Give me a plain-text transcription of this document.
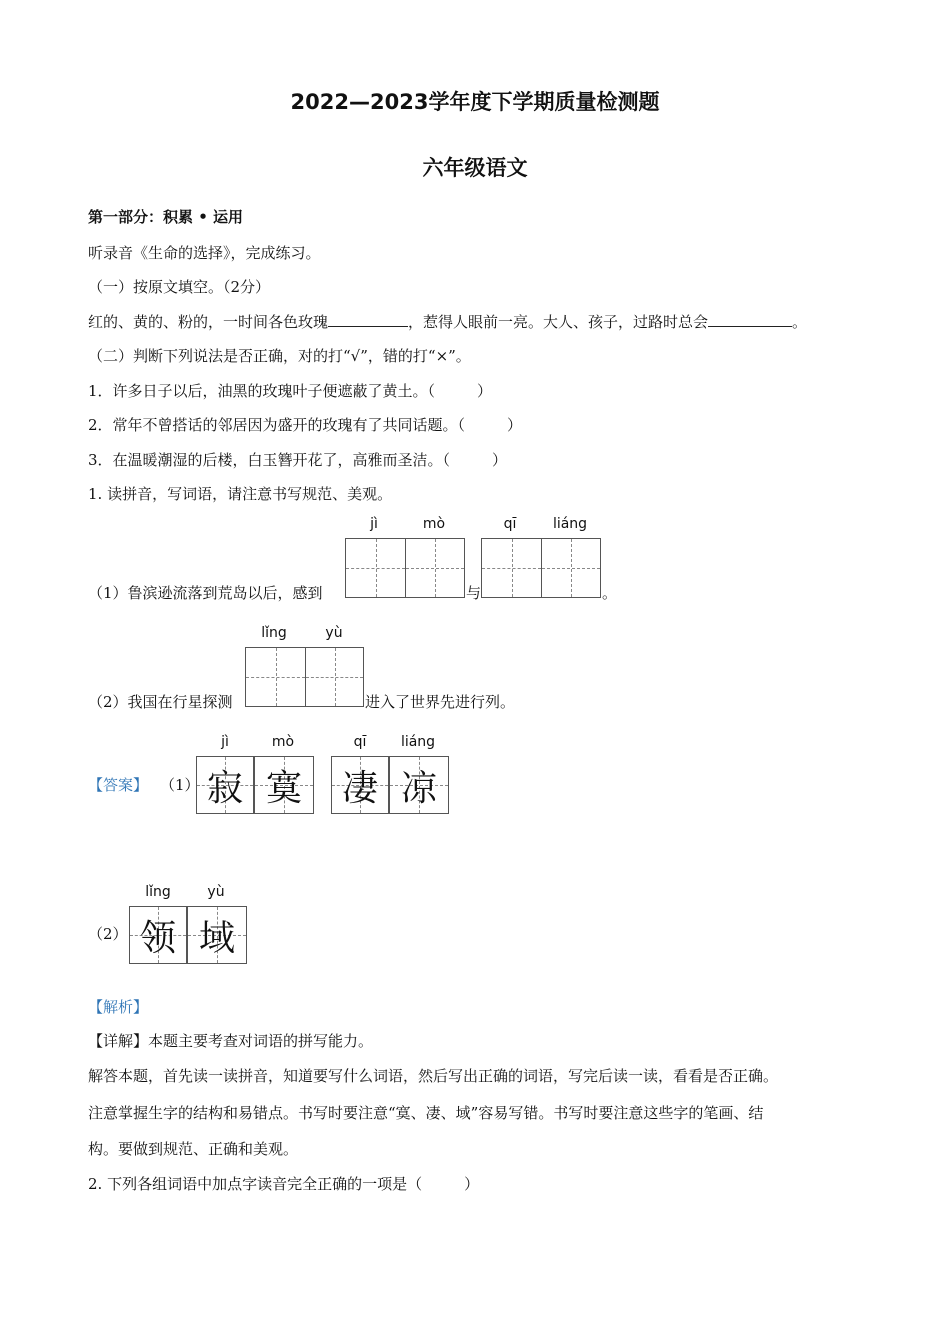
2022—2023学年度下学期质量检测题
六年级语文
第一部分：积累 • 运用
听录音《生命的选择》，完成练习。
（一）按原文填空。（2分）
红的、黄的、粉的，一时间各色玫瑰	，惹得人眼前一亮。大人、孩子，过路时总会	。
（二）判断下列说法是否正确，对的打“√”，错的打“×”。
1．许多日子以后，油黑的玫瑰叶子便遮蔽了黄土。（	）
2．常年不曾搭话的邻居因为盛开的玫瑰有了共同话题。（	）
3．在温暖潮湿的后楼，白玉簪开花了，高雅而圣洁。（	）
1. 读拼音，写词语，请注意书写规范、美观。
jì	mò	qī	liáng
（1）鲁滨逊流落到荒岛以后，感到	与	。
lǐng	yù
（2）我国在行星探测	进入了世界先进行列。
【答案】 （1）
jì	mò	qī	liáng
寂 寞	凄 凉
（2）
lǐng	yù
领 域
【解析】
【详解】本题主要考查对词语的拼写能力。
解答本题，首先读一读拼音，知道要写什么词语，然后写出正确的词语，写完后读一读，看看是否正确。
注意掌握生字的结构和易错点。书写时要注意“寞、凄、域”容易写错。书写时要注意这些字的笔画、结
构。要做到规范、正确和美观。
2. 下列各组词语中加点字读音完全正确的一项是（	）
